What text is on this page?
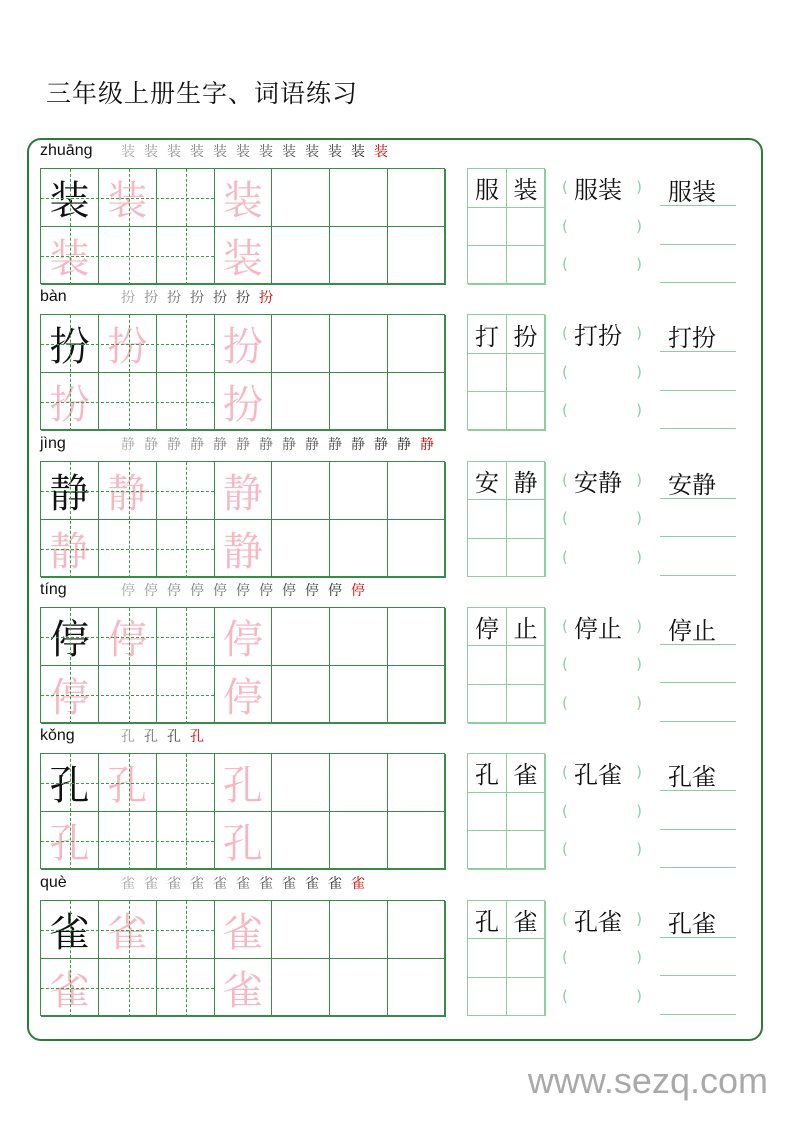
三年级上册生字、词语练习
zhuāng 装 装 装 装 装 装 装 装 装 装 装 装
装 装 装
装	装
服 装	( 服装 ) 服装
(	)
(	)
bàn	扮 扮 扮 扮 扮 扮 扮
扮 扮 扮
扮	扮
打 扮	( 打扮 ) 打扮
(	)
(	)
jìng	静 静 静 静 静 静 静 静 静 静 静 静 静 静
静 静 静
静	静
安 静	( 安静 ) 安静
(	)
(	)
tíng	停 停 停 停 停 停 停 停 停 停 停
停 停 停
停	停
停 止	( 停止 ) 停止
(	)
(	)
kǒng	孔 孔 孔 孔
孔 孔 孔
孔	孔
孔 雀	( 孔雀 ) 孔雀
(	)
(	)
què	雀 雀 雀 雀 雀 雀 雀 雀 雀 雀 雀
雀 雀 雀
雀	雀
孔 雀	( 孔雀 ) 孔雀
(	)
(	)
www.sezq.com
